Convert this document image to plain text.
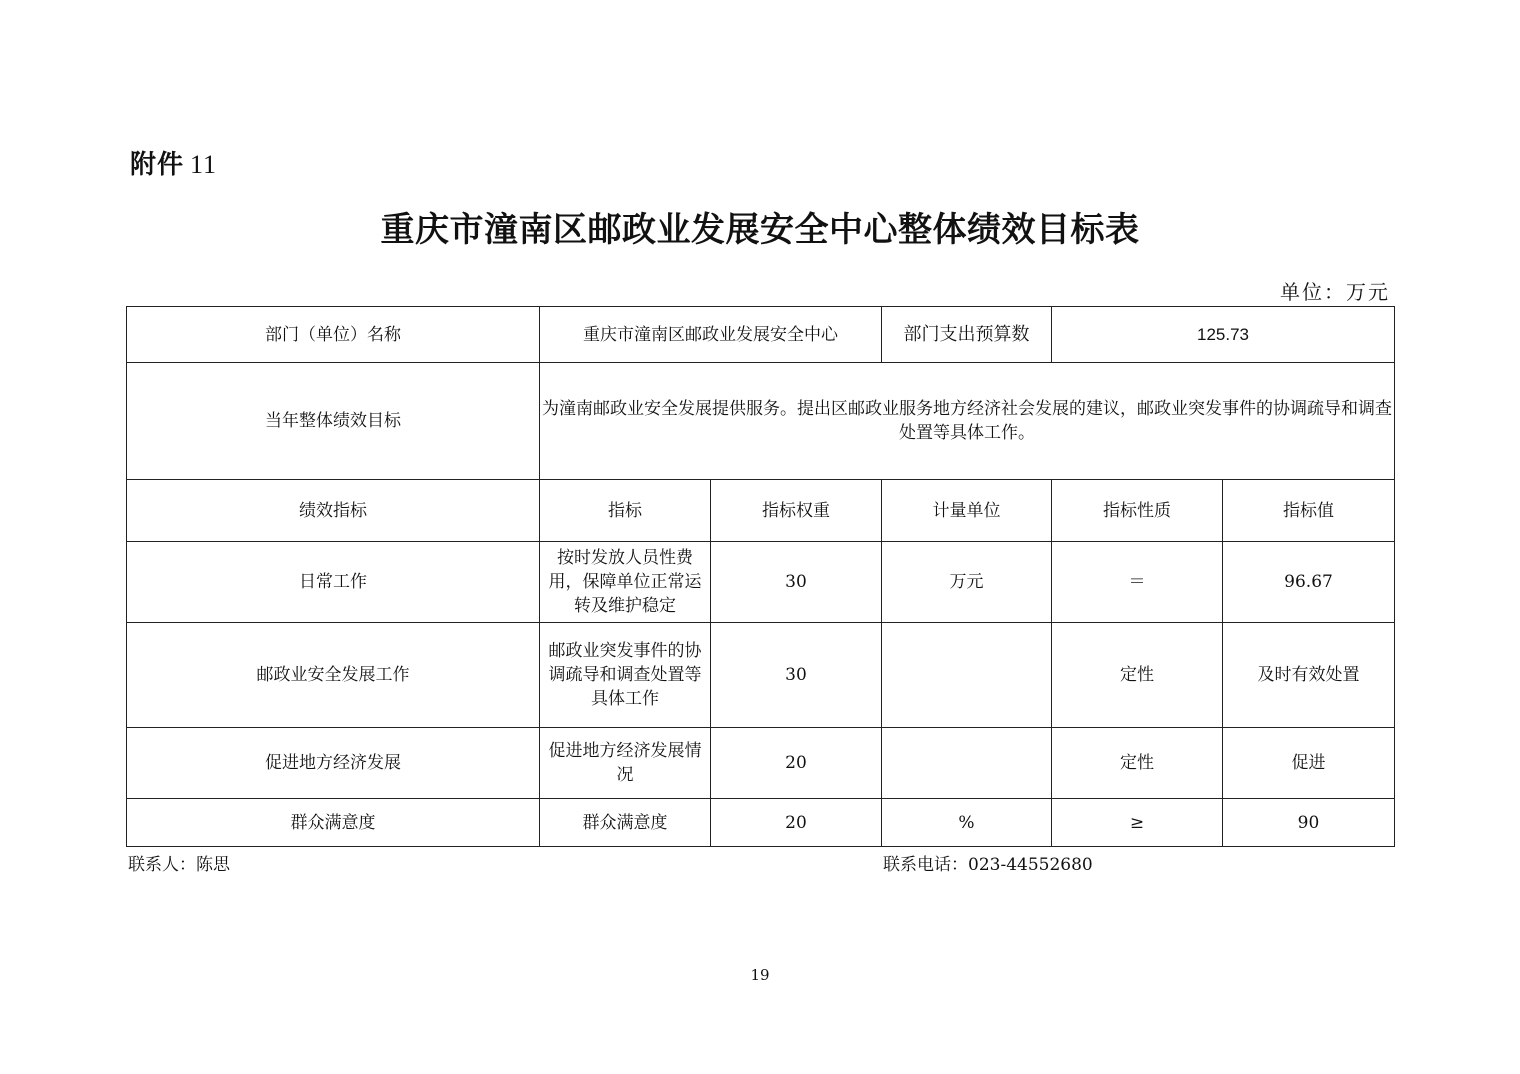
附件 11
重庆市潼南区邮政业发展安全中心整体绩效目标表
单位：万元
部门（单位）名称	重庆市潼南区邮政业发展安全中心		部门支出预算数	125.73	
当年整体绩效目标	为潼南邮政业安全发展提供服务。提出区邮政业服务地方经济社会发展的建议，邮政业突发事件的协调疏导和调查处置等具体工作。				
绩效指标	指标	指标权重	计量单位	指标性质	指标值
日常工作	按时发放人员性费用，保障单位正常运转及维护稳定	30	万元	＝	96.67
邮政业安全发展工作	邮政业突发事件的协调疏导和调查处置等具体工作	30		定性	及时有效处置
促进地方经济发展	促进地方经济发展情况	20		定性	促进
群众满意度	群众满意度	20	%	≥	90
联系人：陈思	联系电话：023-44552680
19
